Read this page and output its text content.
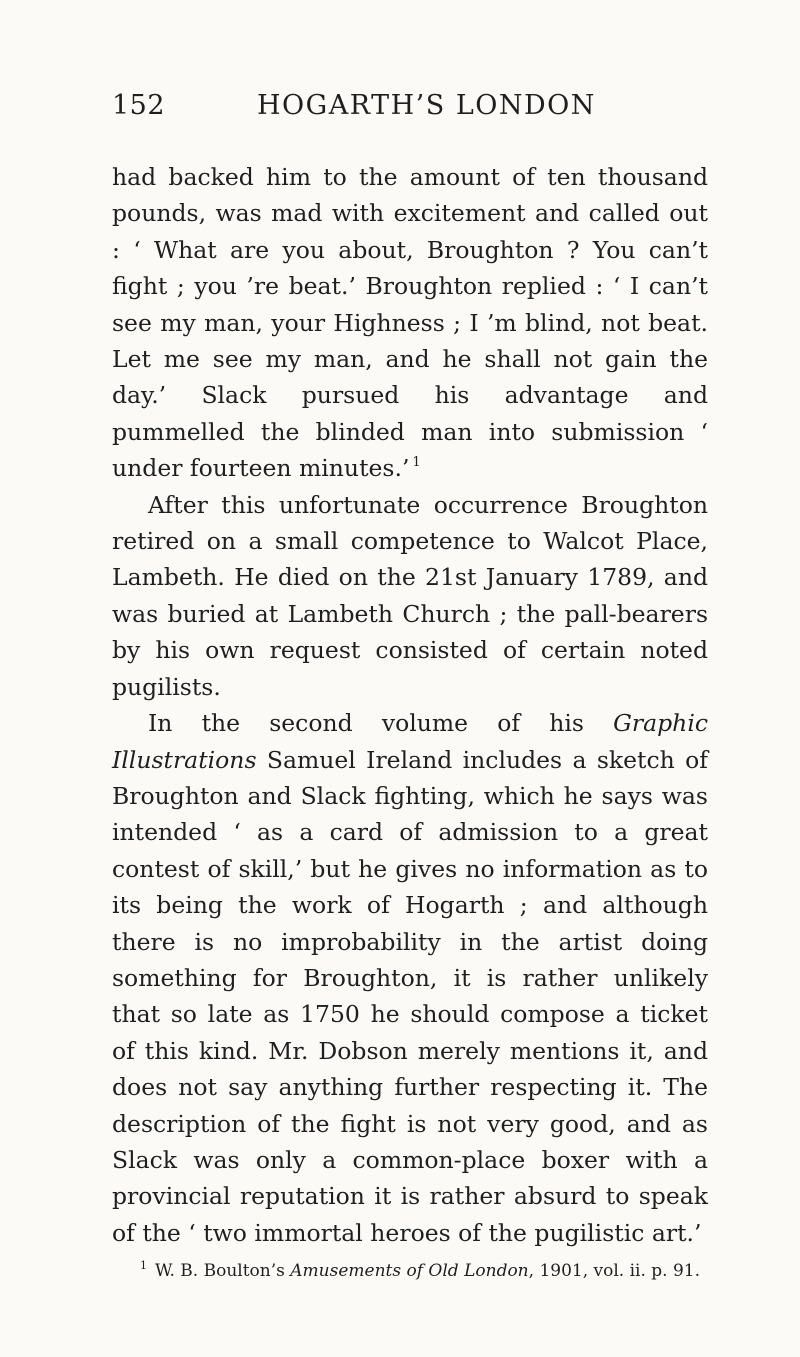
152	HOGARTH’S LONDON

had backed him to the amount of ten thousand pounds, was mad with excitement and called out : ‘ What are you about, Broughton ? You can’t fight ; you ’re beat.’ Broughton replied : ‘ I can’t see my man, your Highness ; I ’m blind, not beat. Let me see my man, and he shall not gain the day.’ Slack pursued his advantage and pummelled the blinded man into submission ‘ under fourteen minutes.’ $^1$

After this unfortunate occurrence Broughton retired on a small competence to Walcot Place, Lambeth. He died on the 21st January 1789, and was buried at Lambeth Church ; the pall-bearers by his own request consisted of certain noted pugilists.

In the second volume of his Graphic Illustrations Samuel Ireland includes a sketch of Broughton and Slack fighting, which he says was intended ‘ as a card of admission to a great contest of skill,’ but he gives no information as to its being the work of Hogarth ; and although there is no improbability in the artist doing something for Broughton, it is rather unlikely that so late as 1750 he should compose a ticket of this kind. Mr. Dobson merely mentions it, and does not say anything further respecting it. The description of the fight is not very good, and as Slack was only a common-place boxer with a provincial reputation it is rather absurd to speak of the ‘ two immortal heroes of the pugilistic art.’

$^1$ W. B. Boulton’s Amusements of Old London, 1901, vol. ii. p. 91.
